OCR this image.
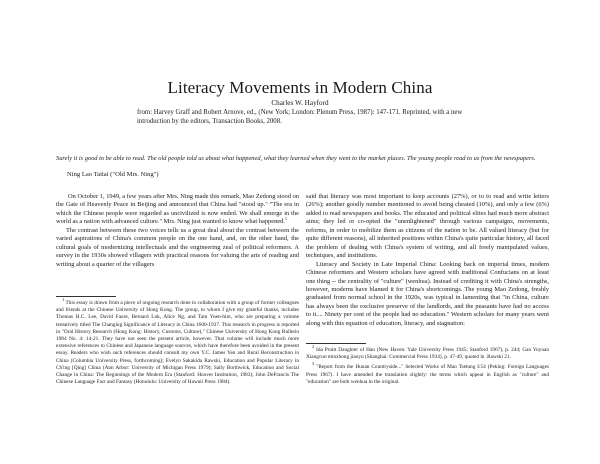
Literacy Movements in Modern China
Charles W. Hayford
from: Harvey Graff and Robert Arnove, ed., (New York; London: Plenum Press, 1987): 147-171. Reprinted, with a new introduction by the editors, Transaction Books, 2008.
Surely it is good to be able to read. The old people told us about what happened, what they learned when they went to the market places. The young people read to us from the newspapers.
Ning Lao Taitai ("Old Mrs. Ning")

On October 1, 1949, a few years after Mrs. Ning made this remark, Mao Zedong stood on the Gate of Heavenly Peace in Beijing and announced that China had "stood up." "The era in which the Chinese people were regarded as uncivilized is now ended. We shall emerge in the world as a nation with advanced culture." Mrs. Ning just wanted to know what happened.$^1$

The contrast between these two voices tells us a great deal about the contrast between the varied aspirations of China's common people on the one hand, and, on the other hand, the cultural goals of modernizing intellectuals and the engineering zeal of political reformers. A survey in the 1930s showed villagers with practical reasons for valuing the arts of reading and writing about a quarter of the villagers

$^1$ This essay is drawn from a piece of ongoing research done in collaboration with a group of former colleagues and friends at the Chinese University of Hong Kong. The group, to whom I give my grateful thanks, includes Thomas H.C. Lee, David Faure, Bernard Luk, Alice Ng, and Tam Yuen-him, who are preparing a volume tentatively titled The Changing Significance of Literacy in China 1600-1937. This research in progress is reported in "Oral History Research (Hong Kong: History, Customs, Culture)," Chinese University of Hong Kong Bulletin 1984 No. 4: 14-21. They have not seen the present article, however. That volume will include much more extensive references to Chinese and Japanese language sources, which have therefore been avoided in the present essay. Readers who wish such references should consult my own Y.C. James Yen and Rural Reconstruction in China (Columbia University Press, forthcoming); Evelyn Sakakida Rawski, Education and Popular Literacy in Ch'ing [Qing] China (Ann Arbor: University of Michigan Press 1979); Sally Borthwick, Education and Social Change in China: The Beginnings of the Modern Era (Stanford: Hoover Institution, 1983); John DeFrancis The Chinese Language Fact and Fantasy (Honolulu: University of Hawaii Press 1984).

said that literacy was most important to keep accounts (27%), or to to read and write letters (26%); another goodly number mentioned to avoid being cheated (10%), and only a few (6%) added to read newspapers and books. The educated and political elites had much more abstract aims; they led or co-opted the "unenlightened" through various campaigns, movements, reforms, in order to mobilize them as citizens of the nation to be. All valued literacy (but for quite different reasons), all inherited positions within China's quite particular history, all faced the problem of dealing with China's system of writing, and all freely manipulated values, techniques, and institutions.

Literacy and Society in Late Imperial China: Looking back on imperial times, modern Chinese reformers and Western scholars have agreed with traditional Confucians on at least one thing -- the centrality of "culture" (wenhua). Instead of crediting it with China's strengths, however, moderns have blamed it for China's shortcomings. The young Mao Zedong, freshly graduated from normal school in the 1920s, was typical in lamenting that "in China, culture has always been the exclusive preserve of the landlords, and the peasants have had no access to it.... Ninety per cent of the people had no education." Western scholars for many years went along with this equation of education, literacy, and stagnation:

$^2$ Ida Pruitt Daughter of Han (New Haven: Yale University Press 1945; Stanford 1967), p. 244; Gan Yuyuan Xiangcun minzhong jiaoyu (Shanghai: Commercial Press 1934), p. 47-49, quoted in .Rawski 21.

$^3$ "Report from the Hunan Countryside..." Selected Works of Mao Tsetung I:54 (Peking: Foreign Languages Press 1967). I have amended the translation slightly: the terms which appear in English as "culture" and "education" are both wenhua in the original.
